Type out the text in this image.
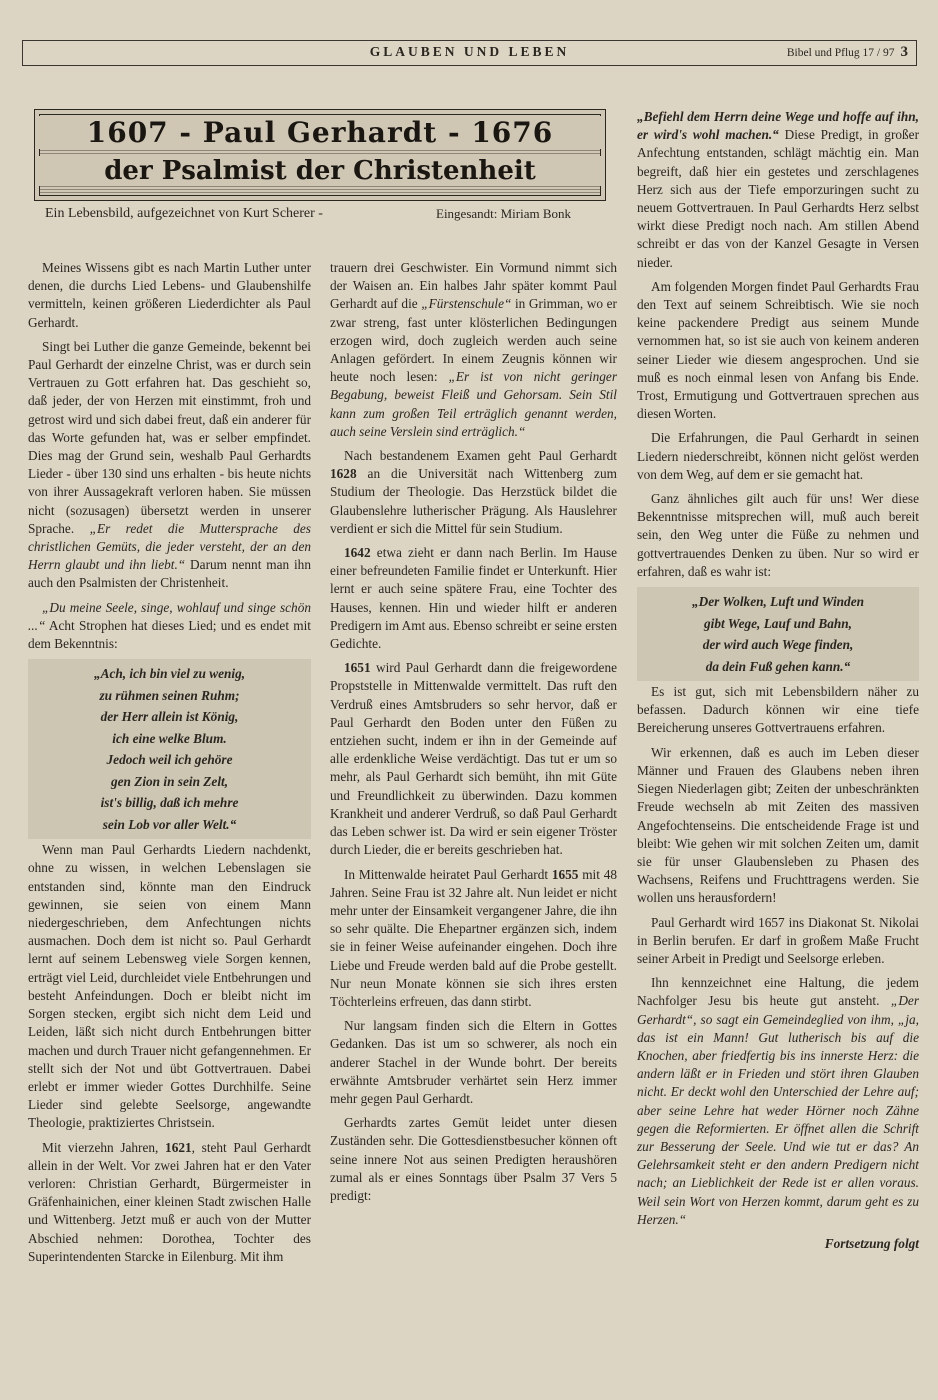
GLAUBEN UND LEBEN	Bibel und Pflug 17 / 97 3
1607 - Paul Gerhardt - 1676
der Psalmist der Christenheit
Ein Lebensbild, aufgezeichnet von Kurt Scherer -	Eingesandt: Miriam Bonk

Meines Wissens gibt es nach Martin Luther unter denen, die durchs Lied Lebens- und Glaubenshilfe vermitteln, keinen größeren Liederdichter als Paul Gerhardt.

Singt bei Luther die ganze Gemeinde, bekennt bei Paul Gerhardt der einzelne Christ, was er durch sein Vertrauen zu Gott erfahren hat. Das geschieht so, daß jeder, der von Herzen mit einstimmt, froh und getrost wird und sich dabei freut, daß ein anderer für das Worte gefunden hat, was er selber empfindet. Dies mag der Grund sein, weshalb Paul Gerhardts Lieder - über 130 sind uns erhalten - bis heute nichts von ihrer Aussagekraft verloren haben. Sie müssen nicht (sozusagen) übersetzt werden in unserer Sprache. „Er redet die Muttersprache des christlichen Gemüts, die jeder versteht, der an den Herrn glaubt und ihn liebt.“ Darum nennt man ihn auch den Psalmisten der Christenheit.

„Du meine Seele, singe, wohlauf und singe schön ...“ Acht Strophen hat dieses Lied; und es endet mit dem Bekenntnis:

„Ach, ich bin viel zu wenig,
zu rühmen seinen Ruhm;
der Herr allein ist König,
ich eine welke Blum.
Jedoch weil ich gehöre
gen Zion in sein Zelt,
ist's billig, daß ich mehre
sein Lob vor aller Welt.“

Wenn man Paul Gerhardts Liedern nachdenkt, ohne zu wissen, in welchen Lebenslagen sie entstanden sind, könnte man den Eindruck gewinnen, sie seien von einem Mann niedergeschrieben, dem Anfechtungen nichts ausmachen. Doch dem ist nicht so. Paul Gerhardt lernt auf seinem Lebensweg viele Sorgen kennen, erträgt viel Leid, durchleidet viele Entbehrungen und besteht Anfeindungen. Doch er bleibt nicht im Sorgen stecken, ergibt sich nicht dem Leid und Leiden, läßt sich nicht durch Entbehrungen bitter machen und durch Trauer nicht gefangennehmen. Er stellt sich der Not und übt Gottvertrauen. Dabei erlebt er immer wieder Gottes Durchhilfe. Seine Lieder sind gelebte Seelsorge, angewandte Theologie, praktiziertes Christsein.

Mit vierzehn Jahren, 1621, steht Paul Gerhardt allein in der Welt. Vor zwei Jahren hat er den Vater verloren: Christian Gerhardt, Bürgermeister in Gräfenhainichen, einer kleinen Stadt zwischen Halle und Wittenberg. Jetzt muß er auch von der Mutter Abschied nehmen: Dorothea, Tochter des Superintendenten Starcke in Eilenburg. Mit ihm

trauern drei Geschwister. Ein Vormund nimmt sich der Waisen an. Ein halbes Jahr später kommt Paul Gerhardt auf die „Fürstenschule“ in Grimman, wo er zwar streng, fast unter klösterlichen Bedingungen erzogen wird, doch zugleich werden auch seine Anlagen gefördert. In einem Zeugnis können wir heute noch lesen: „Er ist von nicht geringer Begabung, beweist Fleiß und Gehorsam. Sein Stil kann zum großen Teil erträglich genannt werden, auch seine Verslein sind erträglich.“

Nach bestandenem Examen geht Paul Gerhardt 1628 an die Universität nach Wittenberg zum Studium der Theologie. Das Herzstück bildet die Glaubenslehre lutherischer Prägung. Als Hauslehrer verdient er sich die Mittel für sein Studium.

1642 etwa zieht er dann nach Berlin. Im Hause einer befreundeten Familie findet er Unterkunft. Hier lernt er auch seine spätere Frau, eine Tochter des Hauses, kennen. Hin und wieder hilft er anderen Predigern im Amt aus. Ebenso schreibt er seine ersten Gedichte.

1651 wird Paul Gerhardt dann die freigewordene Propststelle in Mittenwalde vermittelt. Das ruft den Verdruß eines Amtsbruders so sehr hervor, daß er Paul Gerhardt den Boden unter den Füßen zu entziehen sucht, indem er ihn in der Gemeinde auf alle erdenkliche Weise verdächtigt. Das tut er um so mehr, als Paul Gerhardt sich bemüht, ihn mit Güte und Freundlichkeit zu überwinden. Dazu kommen Krankheit und anderer Verdruß, so daß Paul Gerhardt das Leben schwer ist. Da wird er sein eigener Tröster durch Lieder, die er bereits geschrieben hat.

In Mittenwalde heiratet Paul Gerhardt 1655 mit 48 Jahren. Seine Frau ist 32 Jahre alt. Nun leidet er nicht mehr unter der Einsamkeit vergangener Jahre, die ihn so sehr quälte. Die Ehepartner ergänzen sich, indem sie in feiner Weise aufeinander eingehen. Doch ihre Liebe und Freude werden bald auf die Probe gestellt. Nur neun Monate können sie sich ihres ersten Töchterleins erfreuen, das dann stirbt.

Nur langsam finden sich die Eltern in Gottes Gedanken. Das ist um so schwerer, als noch ein anderer Stachel in der Wunde bohrt. Der bereits erwähnte Amtsbruder verhärtet sein Herz immer mehr gegen Paul Gerhardt.

Gerhardts zartes Gemüt leidet unter diesen Zuständen sehr. Die Gottesdienstbesucher können oft seine innere Not aus seinen Predigten heraushören zumal als er eines Sonntags über Psalm 37 Vers 5 predigt:

„Befiehl dem Herrn deine Wege und hoffe auf ihn, er wird's wohl machen.“ Diese Predigt, in großer Anfechtung entstanden, schlägt mächtig ein. Man begreift, daß hier ein gestetes und zerschlagenes Herz sich aus der Tiefe emporzuringen sucht zu neuem Gottvertrauen. In Paul Gerhardts Herz selbst wirkt diese Predigt noch nach. Am stillen Abend schreibt er das von der Kanzel Gesagte in Versen nieder.

Am folgenden Morgen findet Paul Gerhardts Frau den Text auf seinem Schreibtisch. Wie sie noch keine packendere Predigt aus seinem Munde vernommen hat, so ist sie auch von keinem anderen seiner Lieder wie diesem angesprochen. Und sie muß es noch einmal lesen von Anfang bis Ende. Trost, Ermutigung und Gottvertrauen sprechen aus diesen Worten.

Die Erfahrungen, die Paul Gerhardt in seinen Liedern niederschreibt, können nicht gelöst werden von dem Weg, auf dem er sie gemacht hat.

Ganz ähnliches gilt auch für uns! Wer diese Bekenntnisse mitsprechen will, muß auch bereit sein, den Weg unter die Füße zu nehmen und gottvertrauendes Denken zu üben. Nur so wird er erfahren, daß es wahr ist:

„Der Wolken, Luft und Winden
gibt Wege, Lauf und Bahn,
der wird auch Wege finden,
da dein Fuß gehen kann.“

Es ist gut, sich mit Lebensbildern näher zu befassen. Dadurch können wir eine tiefe Bereicherung unseres Gottvertrauens erfahren.

Wir erkennen, daß es auch im Leben dieser Männer und Frauen des Glaubens neben ihren Siegen Niederlagen gibt; Zeiten der unbeschränkten Freude wechseln ab mit Zeiten des massiven Angefochtenseins. Die entscheidende Frage ist und bleibt: Wie gehen wir mit solchen Zeiten um, damit sie für unser Glaubensleben zu Phasen des Wachsens, Reifens und Fruchttragens werden. Sie wollen uns herausfordern!

Paul Gerhardt wird 1657 ins Diakonat St. Nikolai in Berlin berufen. Er darf in großem Maße Frucht seiner Arbeit in Predigt und Seelsorge erleben.

Ihn kennzeichnet eine Haltung, die jedem Nachfolger Jesu bis heute gut ansteht. „Der Gerhardt“, so sagt ein Gemeindeglied von ihm, „ja, das ist ein Mann! Gut lutherisch bis auf die Knochen, aber friedfertig bis ins innerste Herz: die andern läßt er in Frieden und stört ihren Glauben nicht. Er deckt wohl den Unterschied der Lehre auf; aber seine Lehre hat weder Hörner noch Zähne gegen die Reformierten. Er öffnet allen die Schrift zur Besserung der Seele. Und wie tut er das? An Gelehrsamkeit steht er den andern Predigern nicht nach; an Lieblichkeit der Rede ist er allen voraus. Weil sein Wort von Herzen kommt, darum geht es zu Herzen.“

Fortsetzung folgt
